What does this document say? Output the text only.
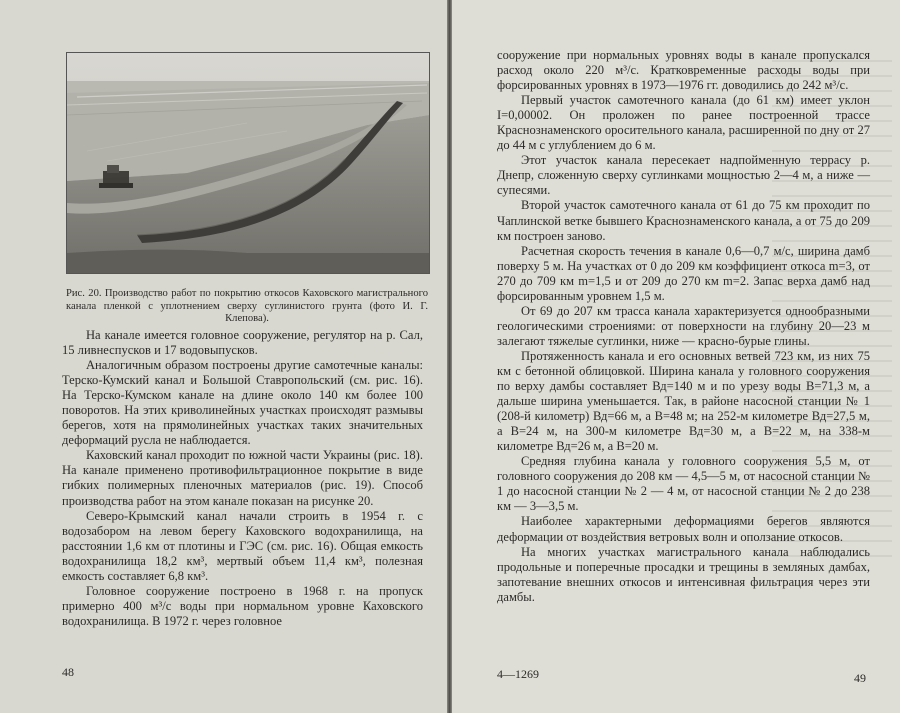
Рис. 20. Производство работ по покрытию откосов Каховского магистрального канала пленкой с уплотнением сверху суглинистого грунта (фото И. Г. Клепова).

На канале имеется головное сооружение, регулятор на р. Сал, 15 ливнеспусков и 17 водовыпусков.

Аналогичным образом построены другие самотечные каналы: Терско-Кумский канал и Большой Ставропольский (см. рис. 16). На Терско-Кумском канале на длине около 140 км более 100 поворотов. На этих криволинейных участках происходят размывы берегов, хотя на прямолинейных участках таких значительных деформаций русла не наблюдается.

Каховский канал проходит по южной части Украины (рис. 18). На канале применено противофильтрационное покрытие в виде гибких полимерных пленочных материалов (рис. 19). Способ производства работ на этом канале показан на рисунке 20.

Северо-Крымский канал начали строить в 1954 г. с водозабором на левом берегу Каховского водохранилища, на расстоянии 1,6 км от плотины и ГЭС (см. рис. 16). Общая емкость водохранилища 18,2 км³, мертвый объем 11,4 км³, полезная емкость составляет 6,8 км³.

Головное сооружение построено в 1968 г. на пропуск примерно 400 м³/с воды при нормальном уровне Каховского водохранилища. В 1972 г. через головное

48

сооружение при нормальных уровнях воды в канале пропускался расход около 220 м³/с. Кратковременные расходы воды при форсированных уровнях в 1973—1976 гг. доводились до 242 м³/с.

Первый участок самотечного канала (до 61 км) имеет уклон I=0,00002. Он проложен по ранее построенной трассе Краснознаменского оросительного канала, расширенной по дну от 27 до 44 м с углублением до 6 м.

Этот участок канала пересекает надпойменную террасу р. Днепр, сложенную сверху суглинками мощностью 2—4 м, а ниже — супесями.

Второй участок самотечного канала от 61 до 75 км проходит по Чаплинской ветке бывшего Краснознаменского канала, а от 75 до 209 км построен заново.

Расчетная скорость течения в канале 0,6—0,7 м/с, ширина дамб поверху 5 м. На участках от 0 до 209 км коэффициент откоса m=3, от 270 до 709 км m=1,5 и от 209 до 270 км m=2. Запас верха дамб над форсированным уровнем 1,5 м.

От 69 до 207 км трасса канала характеризуется однообразными геологическими строениями: от поверхности на глубину 20—23 м залегают тяжелые суглинки, ниже — красно-бурые глины.

Протяженность канала и его основных ветвей 723 км, из них 75 км с бетонной облицовкой. Ширина канала у головного сооружения по верху дамбы составляет Вд=140 м и по урезу воды В=71,3 м, а дальше ширина уменьшается. Так, в районе насосной станции № 1 (208-й километр) Вд=66 м, а В=48 м; на 252-м километре Вд=27,5 м, а В=24 м, на 300-м километре Вд=30 м, а В=22 м, на 338-м километре Вд=26 м, а В=20 м.

Средняя глубина канала у головного сооружения 5,5 м, от головного сооружения до 208 км — 4,5—5 м, от насосной станции № 1 до насосной станции № 2 — 4 м, от насосной станции № 2 до 238 км — 3—3,5 м.

Наиболее характерными деформациями берегов являются деформации от воздействия ветровых волн и оползание откосов.

На многих участках магистрального канала наблюдались продольные и поперечные просадки и трещины в земляных дамбах, запотевание внешних откосов и интенсивная фильтрация через эти дамбы.

4—1269	49
